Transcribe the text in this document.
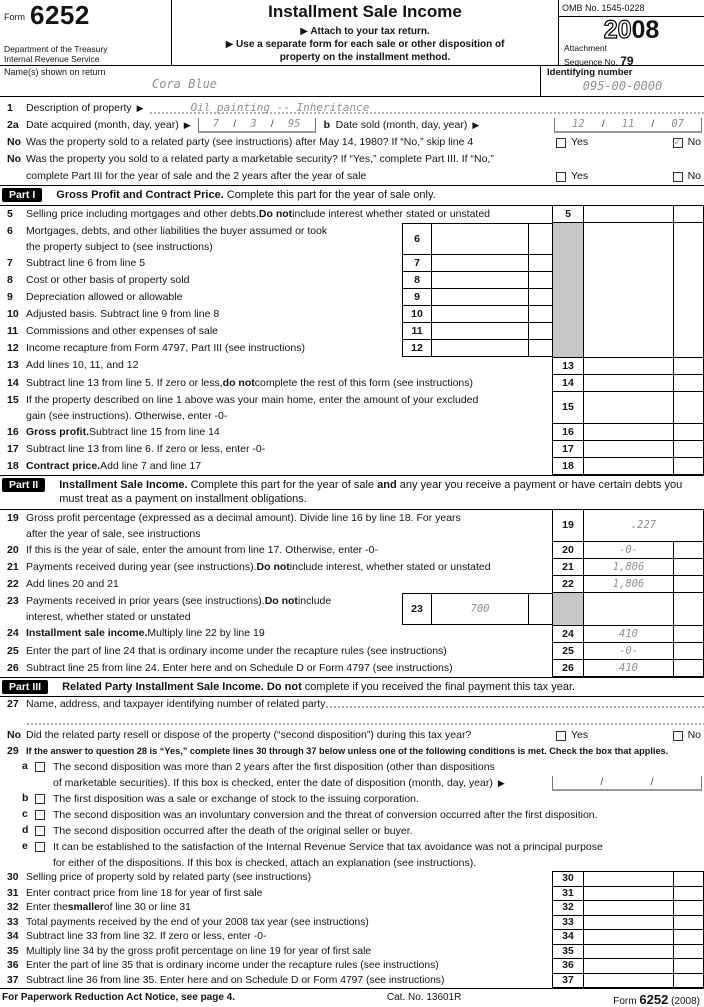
Form 6252
Department of the Treasury
Internal Revenue Service
Installment Sale Income
▶ Attach to your tax return.
▶ Use a separate form for each sale or other disposition of
property on the installment method.
OMB No. 1545-0228
2008
Attachment
Sequence No. 79
Name(s) shown on return
Cora Blue
Identifying number
095-00-0000
1	Description of property ▶	Oil painting -- Inheritance
2a Date acquired (month, day, year) ▶ 7 / 3 / 95	b Date sold (month, day, year) ▶	12 / 11 / 07
No Was the property sold to a related party (see instructions) after May 14, 1980? If “No,” skip line 4	Yes	✓ No
No Was the property you sold to a related party a marketable security? If “Yes,” complete Part III. If “No,”
complete Part III for the year of sale and the 2 years after the year of sale	Yes	No
Part I	Gross Profit and Contract Price. Complete this part for the year of sale only.
5	Selling price including mortgages and other debts. Do not include interest whether stated or unstated	5
6	Mortgages, debts, and other liabilities the buyer assumed or took
the property subject to (see instructions)
6
7	Subtract line 6 from line 5	7
8	Cost or other basis of property sold	8
9	Depreciation allowed or allowable	9
10 Adjusted basis. Subtract line 9 from line 8	10
11 Commissions and other expenses of sale	11
12 Income recapture from Form 4797, Part III (see instructions)	12
13 Add lines 10, 11, and 12	13
14 Subtract line 13 from line 5. If zero or less, do not complete the rest of this form (see instructions)	14
15 If the property described on line 1 above was your main home, enter the amount of your excluded
gain (see instructions). Otherwise, enter -0-
15
16 Gross profit. Subtract line 15 from line 14	16
17 Subtract line 13 from line 6. If zero or less, enter -0-	17
18 Contract price. Add line 7 and line 17	18
Part II	Installment Sale Income. Complete this part for the year of sale and any year you receive a payment or have certain debts you must treat as a payment on installment obligations.
19 Gross profit percentage (expressed as a decimal amount). Divide line 16 by line 18. For years
after the year of sale, see instructions
19	.227
20 If this is the year of sale, enter the amount from line 17. Otherwise, enter -0-	20	-0-
21 Payments received during year (see instructions). Do not include interest, whether stated or unstated	21	1,806
22 Add lines 20 and 21	22	1,806
23 Payments received in prior years (see instructions). Do not include
interest, whether stated or unstated
23	700
24 Installment sale income. Multiply line 22 by line 19	24	410
25 Enter the part of line 24 that is ordinary income under the recapture rules (see instructions)	25	-0-
26 Subtract line 25 from line 24. Enter here and on Schedule D or Form 4797 (see instructions)	26	410
Part III	Related Party Installment Sale Income. Do not complete if you received the final payment this tax year.
27 Name, address, and taxpayer identifying number of related party
No Did the related party resell or dispose of the property (“second disposition”) during this tax year?	Yes	No
29 If the answer to question 28 is “Yes,” complete lines 30 through 37 below unless one of the following conditions is met. Check the box that applies.
a	The second disposition was more than 2 years after the first disposition (other than dispositions
of marketable securities). If this box is checked, enter the date of disposition (month, day, year) ▶	/	/
b	The first disposition was a sale or exchange of stock to the issuing corporation.
c	The second disposition was an involuntary conversion and the threat of conversion occurred after the first disposition.
d	The second disposition occurred after the death of the original seller or buyer.
e	It can be established to the satisfaction of the Internal Revenue Service that tax avoidance was not a principal purpose
for either of the dispositions. If this box is checked, attach an explanation (see instructions).
30 Selling price of property sold by related party (see instructions)	30
31 Enter contract price from line 18 for year of first sale	31
32 Enter the smaller of line 30 or line 31	32
33 Total payments received by the end of your 2008 tax year (see instructions)	33
34 Subtract line 33 from line 32. If zero or less, enter -0-	34
35 Multiply line 34 by the gross profit percentage on line 19 for year of first sale	35
36 Enter the part of line 35 that is ordinary income under the recapture rules (see instructions)	36
37 Subtract line 36 from line 35. Enter here and on Schedule D or Form 4797 (see instructions)	37
For Paperwork Reduction Act Notice, see page 4.	Cat. No. 13601R	Form 6252 (2008)
